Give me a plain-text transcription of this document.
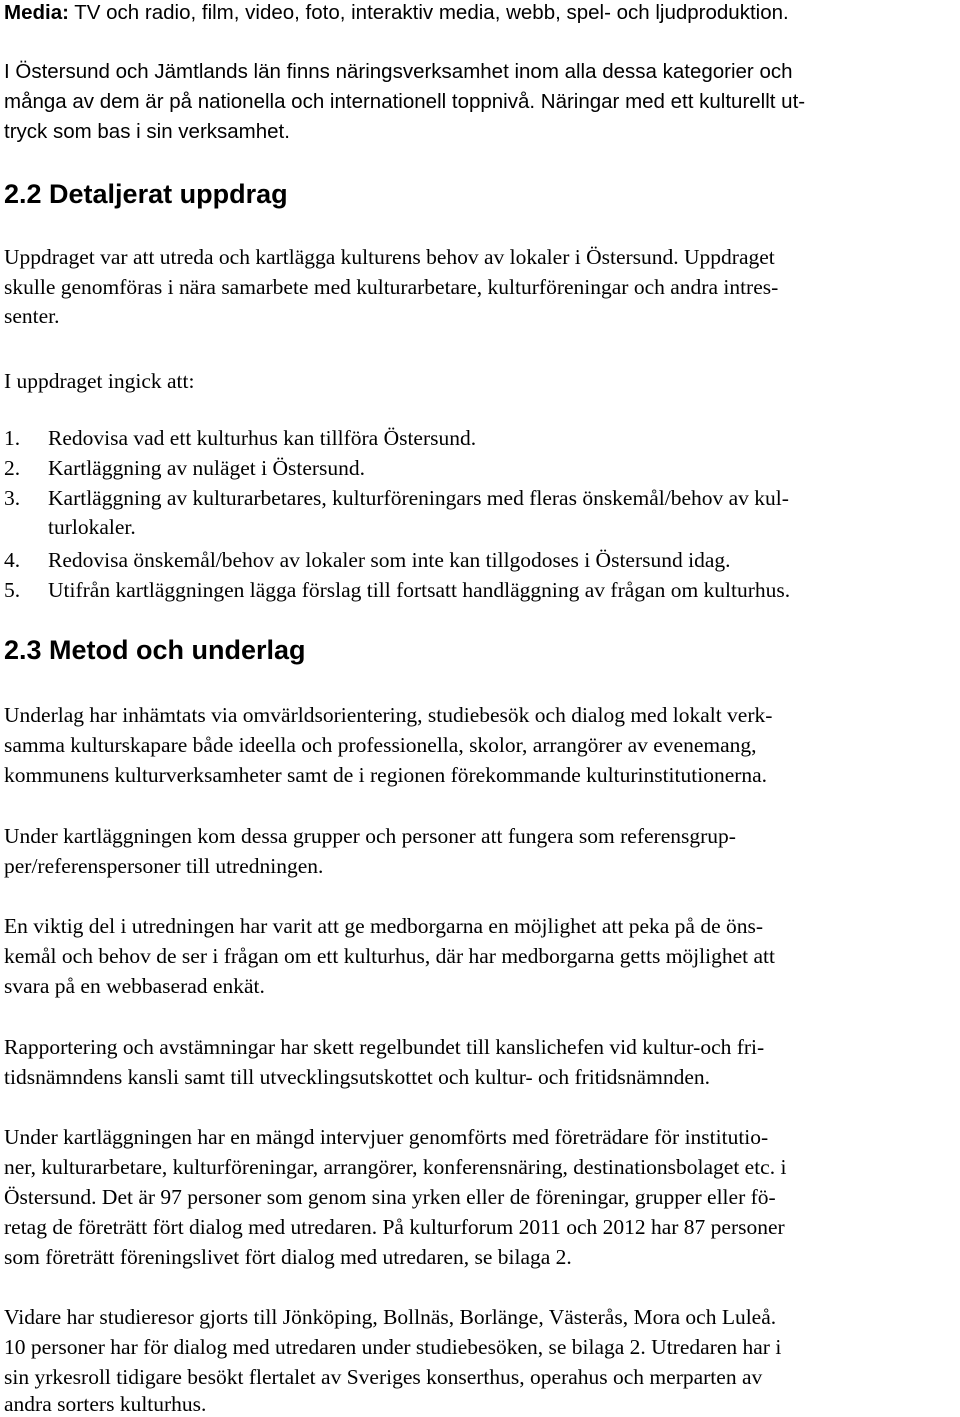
Media: TV och radio, film, video, foto, interaktiv media, webb, spel- och ljudproduktion.
I Östersund och Jämtlands län finns näringsverksamhet inom alla dessa kategorier och
många av dem är på nationella och internationell toppnivå. Näringar med ett kulturellt ut-
tryck som bas i sin verksamhet.
2.2 Detaljerat uppdrag
Uppdraget var att utreda och kartlägga kulturens behov av lokaler i Östersund. Uppdraget
skulle genomföras i nära samarbete med kulturarbetare, kulturföreningar och andra intres-
senter.
I uppdraget ingick att:
1. Redovisa vad ett kulturhus kan tillföra Östersund.
2. Kartläggning av nuläget i Östersund.
3. Kartläggning av kulturarbetares, kulturföreningars med fleras önskemål/behov av kul-
turlokaler.
4. Redovisa önskemål/behov av lokaler som inte kan tillgodoses i Östersund idag.
5. Utifrån kartläggningen lägga förslag till fortsatt handläggning av frågan om kulturhus.
2.3 Metod och underlag
Underlag har inhämtats via omvärldsorientering, studiebesök och dialog med lokalt verk-
samma kulturskapare både ideella och professionella, skolor, arrangörer av evenemang,
kommunens kulturverksamheter samt de i regionen förekommande kulturinstitutionerna.
Under kartläggningen kom dessa grupper och personer att fungera som referensgrup-
per/referenspersoner till utredningen.
En viktig del i utredningen har varit att ge medborgarna en möjlighet att peka på de öns-
kemål och behov de ser i frågan om ett kulturhus, där har medborgarna getts möjlighet att
svara på en webbaserad enkät.
Rapportering och avstämningar har skett regelbundet till kanslichefen vid kultur-och fri-
tidsnämndens kansli samt till utvecklingsutskottet och kultur- och fritidsnämnden.
Under kartläggningen har en mängd intervjuer genomförts med företrädare för institutio-
ner, kulturarbetare, kulturföreningar, arrangörer, konferensnäring, destinationsbolaget etc. i
Östersund. Det är 97 personer som genom sina yrken eller de föreningar, grupper eller fö-
retag de företrätt fört dialog med utredaren. På kulturforum 2011 och 2012 har 87 personer
som företrätt föreningslivet fört dialog med utredaren, se bilaga 2.
Vidare har studieresor gjorts till Jönköping, Bollnäs, Borlänge, Västerås, Mora och Luleå.
10 personer har för dialog med utredaren under studiebesöken, se bilaga 2. Utredaren har i
sin yrkesroll tidigare besökt flertalet av Sveriges konserthus, operahus och merparten av
andra sorters kulturhus.
